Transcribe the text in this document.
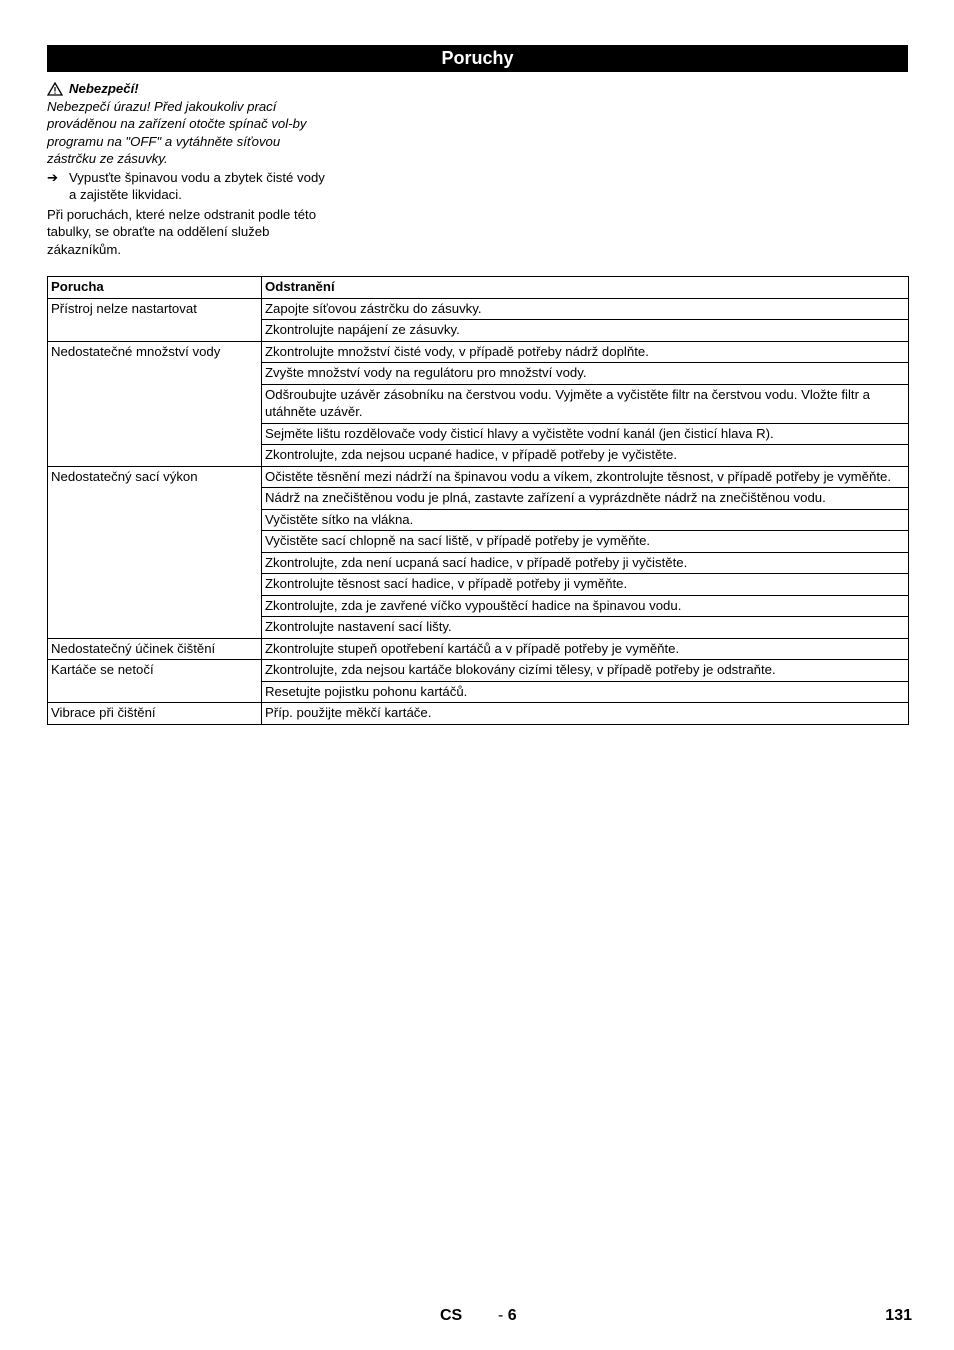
Poruchy

Nebezpečí!

Nebezpečí úrazu! Před jakoukoliv prací prováděnou na zařízení otočte spínač vol-by programu na "OFF" a vytáhněte síťovou zástrčku ze zásuvky.

➔ Vypusťte špinavou vodu a zbytek čisté vody a zajistěte likvidaci.

Při poruchách, které nelze odstranit podle této tabulky, se obraťte na oddělení služeb zákazníkům.

Porucha	Odstranění
Přístroj nelze nastartovat	Zapojte síťovou zástrčku do zásuvky.
	Zkontrolujte napájení ze zásuvky.
Nedostatečné množství vody	Zkontrolujte množství čisté vody, v případě potřeby nádrž doplňte.
	Zvyšte množství vody na regulátoru pro množství vody.
	Odšroubujte uzávěr zásobníku na čerstvou vodu. Vyjměte a vyčistěte filtr na čerstvou vodu. Vložte filtr a utáhněte uzávěr.
	Sejměte lištu rozdělovače vody čisticí hlavy a vyčistěte vodní kanál (jen čisticí hlava R).
	Zkontrolujte, zda nejsou ucpané hadice, v případě potřeby je vyčistěte.
Nedostatečný sací výkon	Očistěte těsnění mezi nádrží na špinavou vodu a víkem, zkontrolujte těsnost, v případě potřeby je vyměňte.
	Nádrž na znečištěnou vodu je plná, zastavte zařízení a vyprázdněte nádrž na znečištěnou vodu.
	Vyčistěte sítko na vlákna.
	Vyčistěte sací chlopně na sací liště, v případě potřeby je vyměňte.
	Zkontrolujte, zda není ucpaná sací hadice, v případě potřeby ji vyčistěte.
	Zkontrolujte těsnost sací hadice, v případě potřeby ji vyměňte.
	Zkontrolujte, zda je zavřené víčko vypouštěcí hadice na špinavou vodu.
	Zkontrolujte nastavení sací lišty.
Nedostatečný účinek čištění	Zkontrolujte stupeň opotřebení kartáčů a v případě potřeby je vyměňte.
Kartáče se netočí	Zkontrolujte, zda nejsou kartáče blokovány cizími tělesy, v případě potřeby je odstraňte.
	Resetujte pojistku pohonu kartáčů.
Vibrace při čištění	Příp. použijte měkčí kartáče.
CS - 6	131
